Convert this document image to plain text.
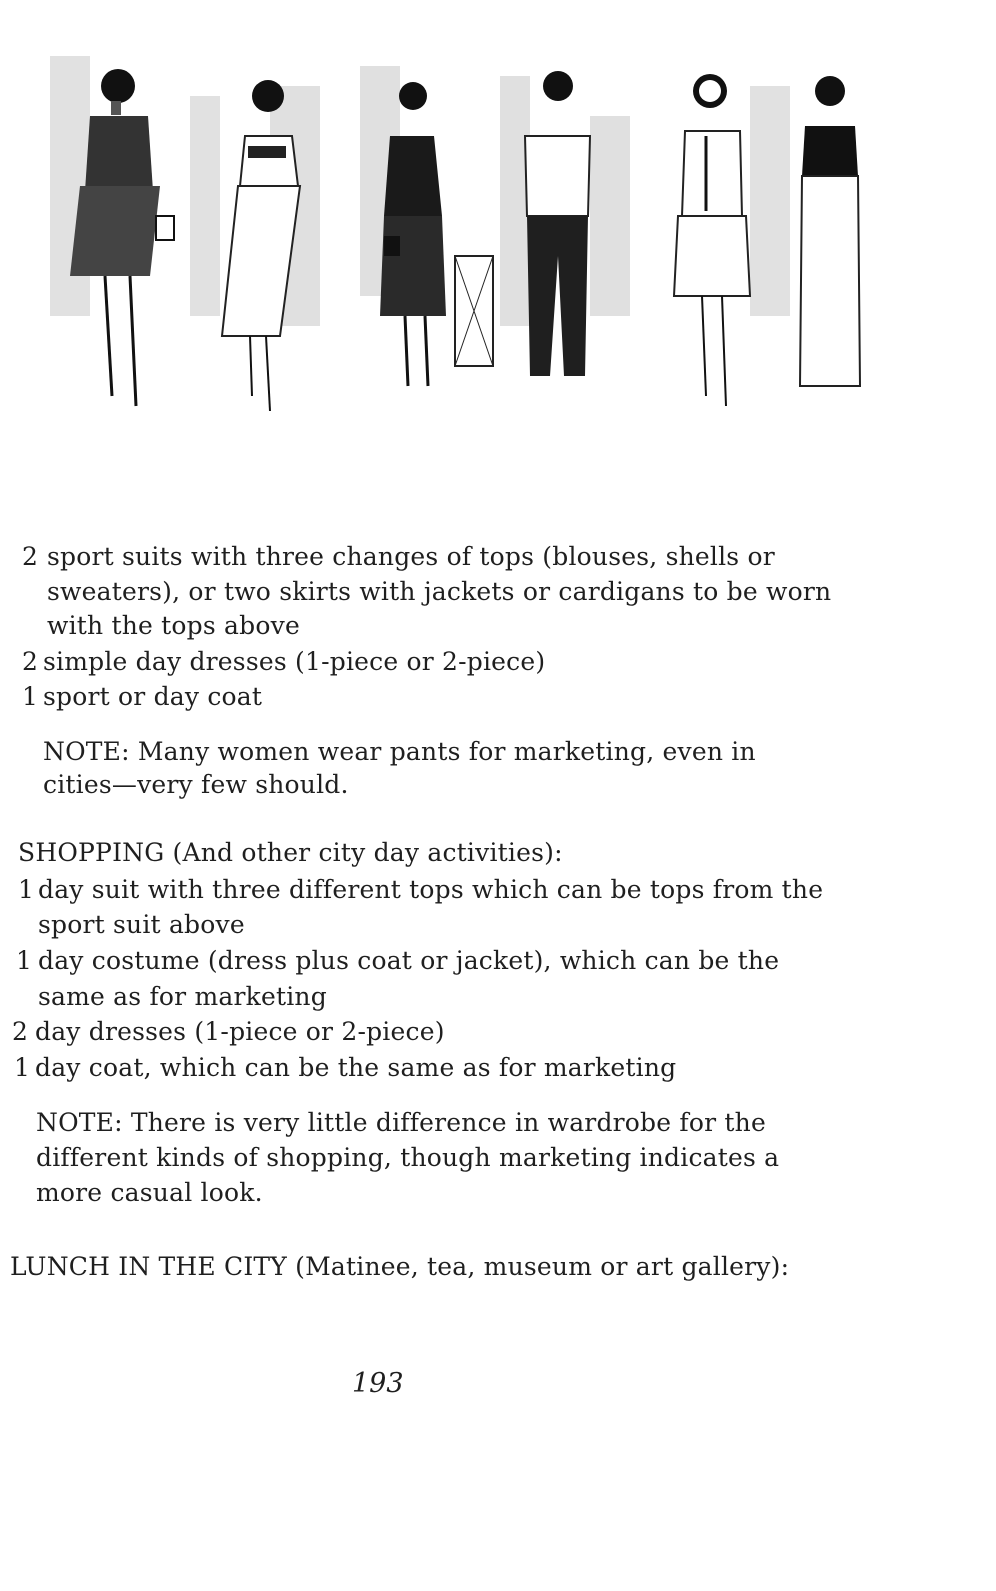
2 sport suits with three changes of tops (blouses, shells or
sweaters), or two skirts with jackets or cardigans to be worn
with the tops above
2 simple day dresses (1-piece or 2-piece)
1 sport or day coat
NOTE: Many women wear pants for marketing, even in
cities—very few should.
SHOPPING (And other city day activities):
1 day suit with three different tops which can be tops from the
sport suit above
1 day costume (dress plus coat or jacket), which can be the
same as for marketing
2 day dresses (1-piece or 2-piece)
1 day coat, which can be the same as for marketing
NOTE: There is very little difference in wardrobe for the
different kinds of shopping, though marketing indicates a
more casual look.
LUNCH IN THE CITY (Matinee, tea, museum or art gallery):
193
